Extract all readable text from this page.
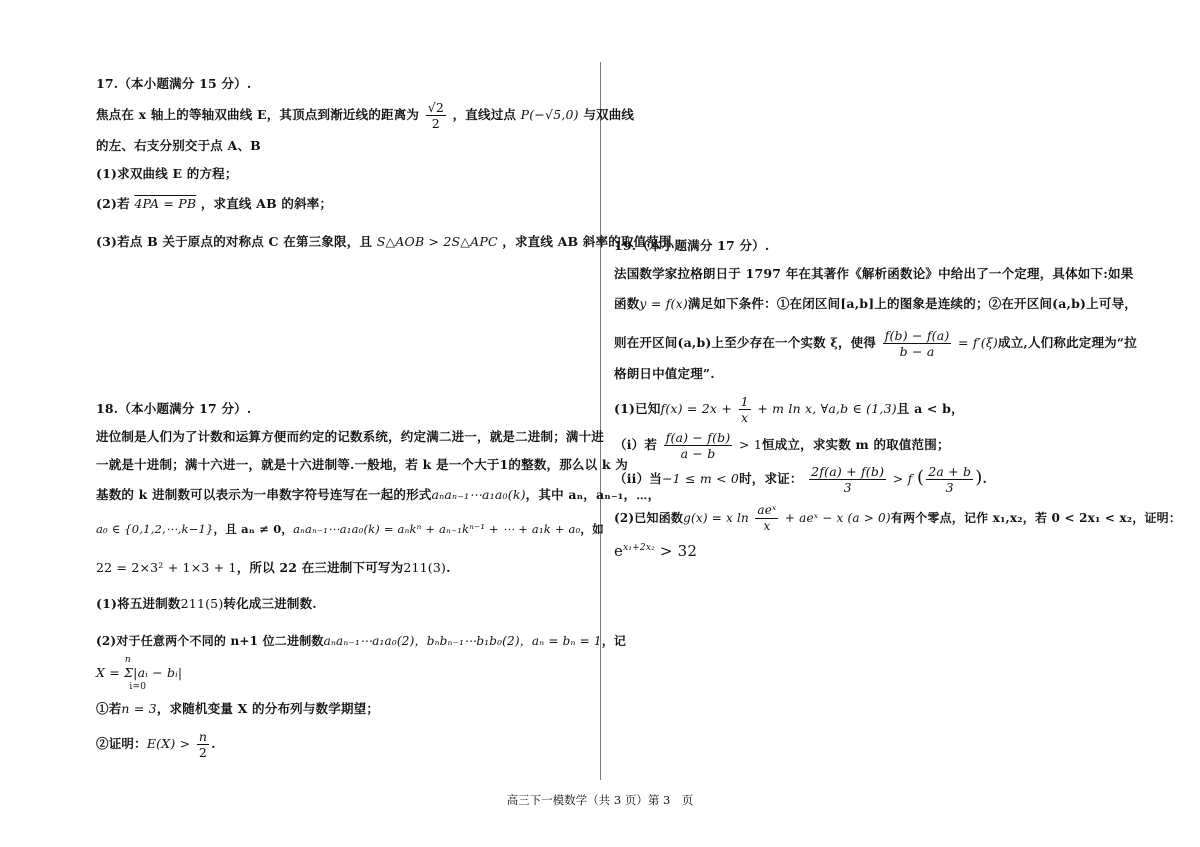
17.（本小题满分 15 分）.
焦点在 x 轴上的等轴双曲线 E，其顶点到渐近线的距离为 $\frac{√2}{2}$ ，直线过点 P(−√5,0) 与双曲线
的左、右支分别交于点 A、B
(1)求双曲线 E 的方程；
(2)若 4PA = PB ，求直线 AB 的斜率；
(3)若点 B 关于原点的对称点 C 在第三象限，且 S△AOB > 2S△APC ，求直线 AB 斜率的取值范围
18.（本小题满分 17 分）.
进位制是人们为了计数和运算方便而约定的记数系统，约定满二进一，就是二进制；满十进
一就是十进制；满十六进一，就是十六进制等.一般地，若 k 是一个大于1的整数，那么以 k 为
基数的 k 进制数可以表示为一串数字符号连写在一起的形式aₙaₙ₋₁⋯a₁a₀(k)，其中 aₙ，aₙ₋₁，⋯，
a₀ ∈ {0,1,2,⋯,k−1}，且 aₙ ≠ 0，aₙaₙ₋₁⋯a₁a₀(k) = aₙkⁿ + aₙ₋₁kⁿ⁻¹ + ⋯ + a₁k + a₀，如
22 = 2×3² + 1×3 + 1，所以 22 在三进制下可写为211(3).
(1)将五进制数211(5)转化成三进制数.
(2)对于任意两个不同的 n+1 位二进制数aₙaₙ₋₁⋯a₁a₀(2)，bₙbₙ₋₁⋯b₁b₀(2)，aₙ = bₙ = 1，记
X = Σ|aᵢ − bᵢ| $^n$ $_{i=0}$
①若n = 3，求随机变量 X 的分布列与数学期望；
②证明：$E(X) > \frac{n}{2}$ .
19.（本小题满分 17 分）.
法国数学家拉格朗日于 1797 年在其著作《解析函数论》中给出了一个定理，具体如下:如果
函数y = f(x)满足如下条件：①在闭区间[a,b]上的图象是连续的；②在开区间(a,b)上可导，
则在开区间(a,b)上至少存在一个实数 ξ，使得 $\frac{f(b) - f(a)}{b - a} = f'(\xi)$成立,人们称此定理为“拉
格朗日中值定理”.
(1)已知$f(x) = 2x + \frac{1}{x} + m$ ln x, ∀a,b ∈ (1,3)且 a < b，
（i）若 $\frac{f(a) - f(b)}{a - b} > 1$恒成立，求实数 m 的取值范围；
（ii）当−1 ≤ m < 0时，求证： $\frac{2f(a) + f(b)}{3} > f$ ( $\frac{2a + b}{3}$ ).
(2)已知函数g(x) = x $\ln \frac{\text{aeˣ}}{x}$ + aeˣ − x (a > 0)有两个零点，记作 x₁,x₂，若 0 < 2x₁ < x₂，证明：
$e^{x_1+2x_2} > 32$
高三下一模数学（共 3 页）第 3　页
